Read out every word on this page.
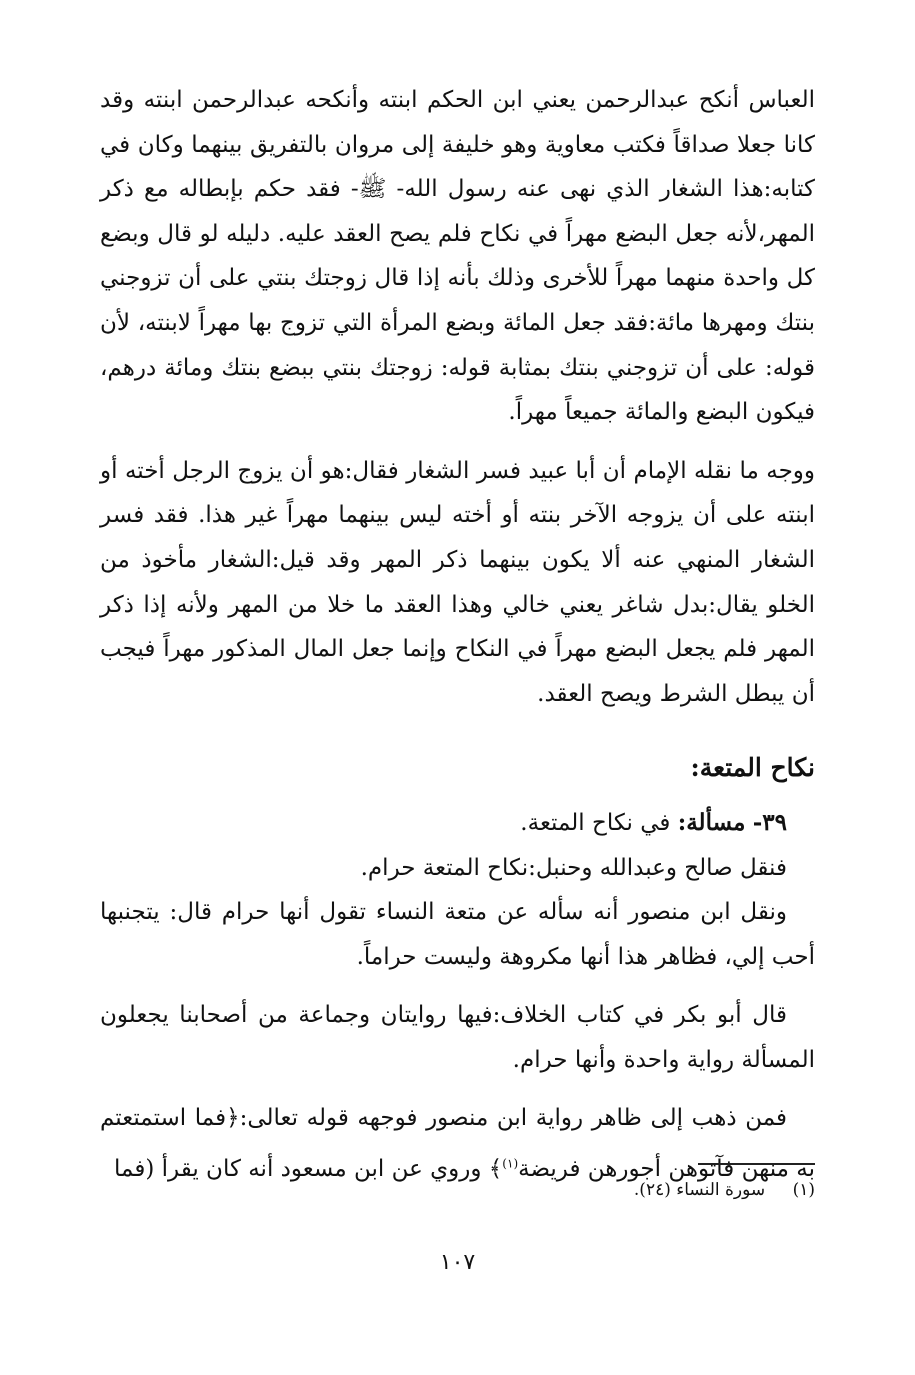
العباس أنكح عبدالرحمن يعني ابن الحكم ابنته وأنكحه عبدالرحمن ابنته وقد كانا جعلا صداقاً فكتب معاوية وهو خليفة إلى مروان بالتفريق بينهما وكان في كتابه:هذا الشغار الذي نهى عنه رسول الله- ﷺ- فقد حكم بإبطاله مع ذكر المهر،لأنه جعل البضع مهراً في نكاح فلم يصح العقد عليه. دليله لو قال وبضع كل واحدة منهما مهراً للأخرى وذلك بأنه إذا قال زوجتك بنتي على أن تزوجني بنتك ومهرها مائة:فقد جعل المائة وبضع المرأة التي تزوج بها مهراً لابنته، لأن قوله: على أن تزوجني بنتك بمثابة قوله: زوجتك بنتي ببضع بنتك ومائة درهم، فيكون البضع والمائة جميعاً مهراً.

ووجه ما نقله الإمام أن أبا عبيد فسر الشغار فقال:هو أن يزوج الرجل أخته أو ابنته على أن يزوجه الآخر بنته أو أخته ليس بينهما مهراً غير هذا. فقد فسر الشغار المنهي عنه ألا يكون بينهما ذكر المهر وقد قيل:الشغار مأخوذ من الخلو يقال:بدل شاغر يعني خالي وهذا العقد ما خلا من المهر ولأنه إذا ذكر المهر فلم يجعل البضع مهراً في النكاح وإنما جعل المال المذكور مهراً فيجب أن يبطل الشرط ويصح العقد.

نكاح المتعة:

٣٩- مسألة: في نكاح المتعة.

فنقل صالح وعبدالله وحنبل:نكاح المتعة حرام.

ونقل ابن منصور أنه سأله عن متعة النساء تقول أنها حرام قال: يتجنبها أحب إلي، فظاهر هذا أنها مكروهة وليست حراماً.

قال أبو بكر في كتاب الخلاف:فيها روايتان وجماعة من أصحابنا يجعلون المسألة رواية واحدة وأنها حرام.

فمن ذهب إلى ظاهر رواية ابن منصور فوجهه قوله تعالى:﴿فما استمتعتم به منهن فآتوهن أجورهن فريضة$^{(١)}$﴾ وروي عن ابن مسعود أنه كان يقرأ (فما

(١) سورة النساء (٢٤).
١٠٧
